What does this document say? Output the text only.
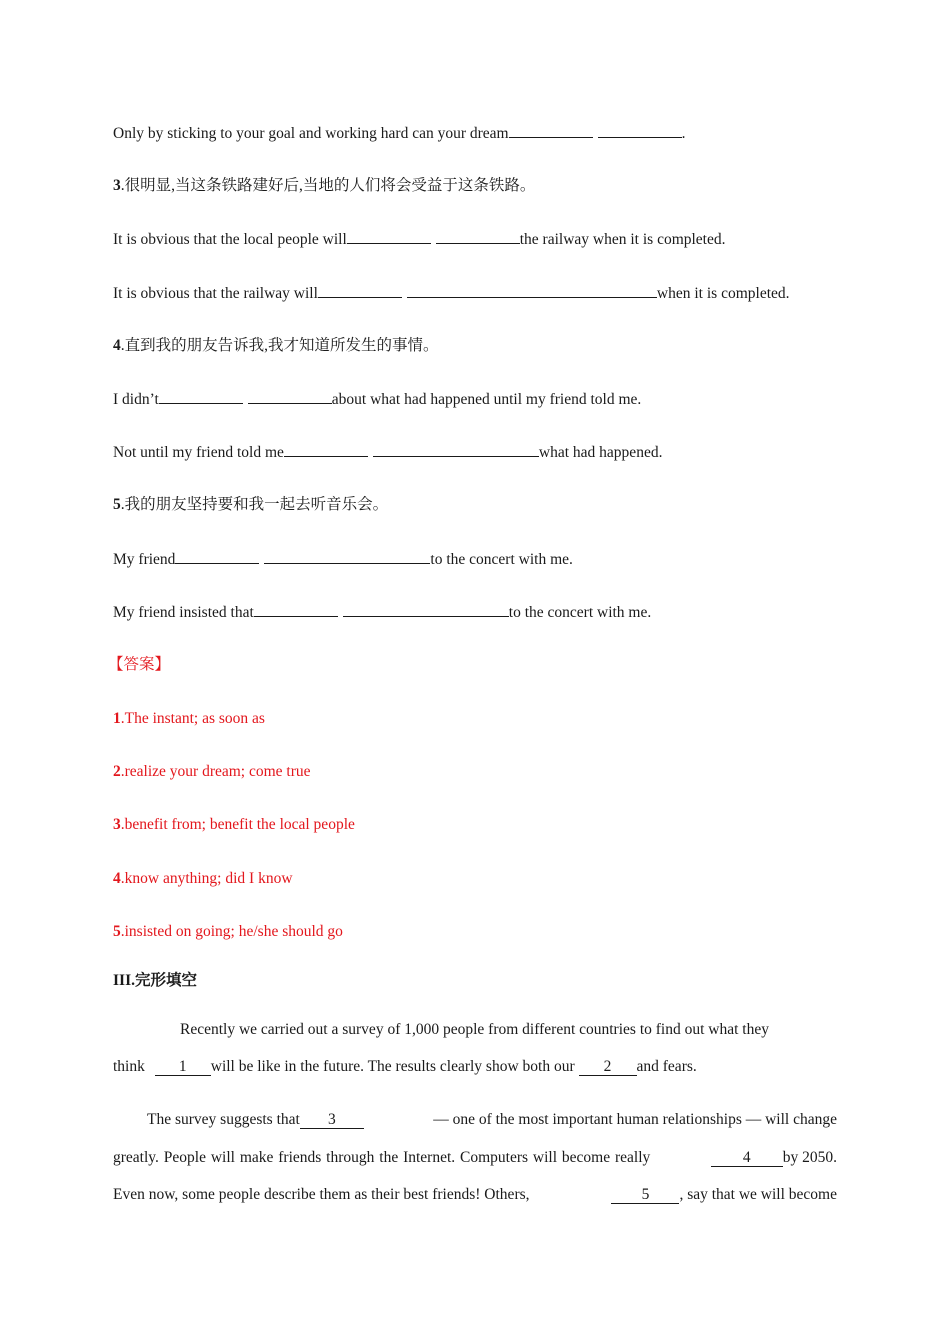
Only by sticking to your goal and working hard can your dream	.
3.很明显,当这条铁路建好后,当地的人们将会受益于这条铁路。
It is obvious that the local people will	the railway when it is completed.
It is obvious that the railway will	when it is completed.
4.直到我的朋友告诉我,我才知道所发生的事情。
I didn’t	about what had happened until my friend told me.
Not until my friend told me	what had happened.
5.我的朋友坚持要和我一起去听音乐会。
My friend	to the concert with me.
My friend insisted that	to the concert with me.
【答案】
1.The instant; as soon as
2.realize your dream; come true
3.benefit from; benefit the local people
4.know anything; did I know
5.insisted on going; he/she should go
III.完形填空
Recently we carried out a survey of 1,000 people from different countries to find out what they
think 1 will be like in the future. The results clearly show both our 2 and fears.
The survey suggests that 3	— one of the most important human relationships — will change
greatly. People will make friends through the Internet. Computers will become really	4 by 2050.
Even now, some people describe them as their best friends! Others,	5 , say that we will become
